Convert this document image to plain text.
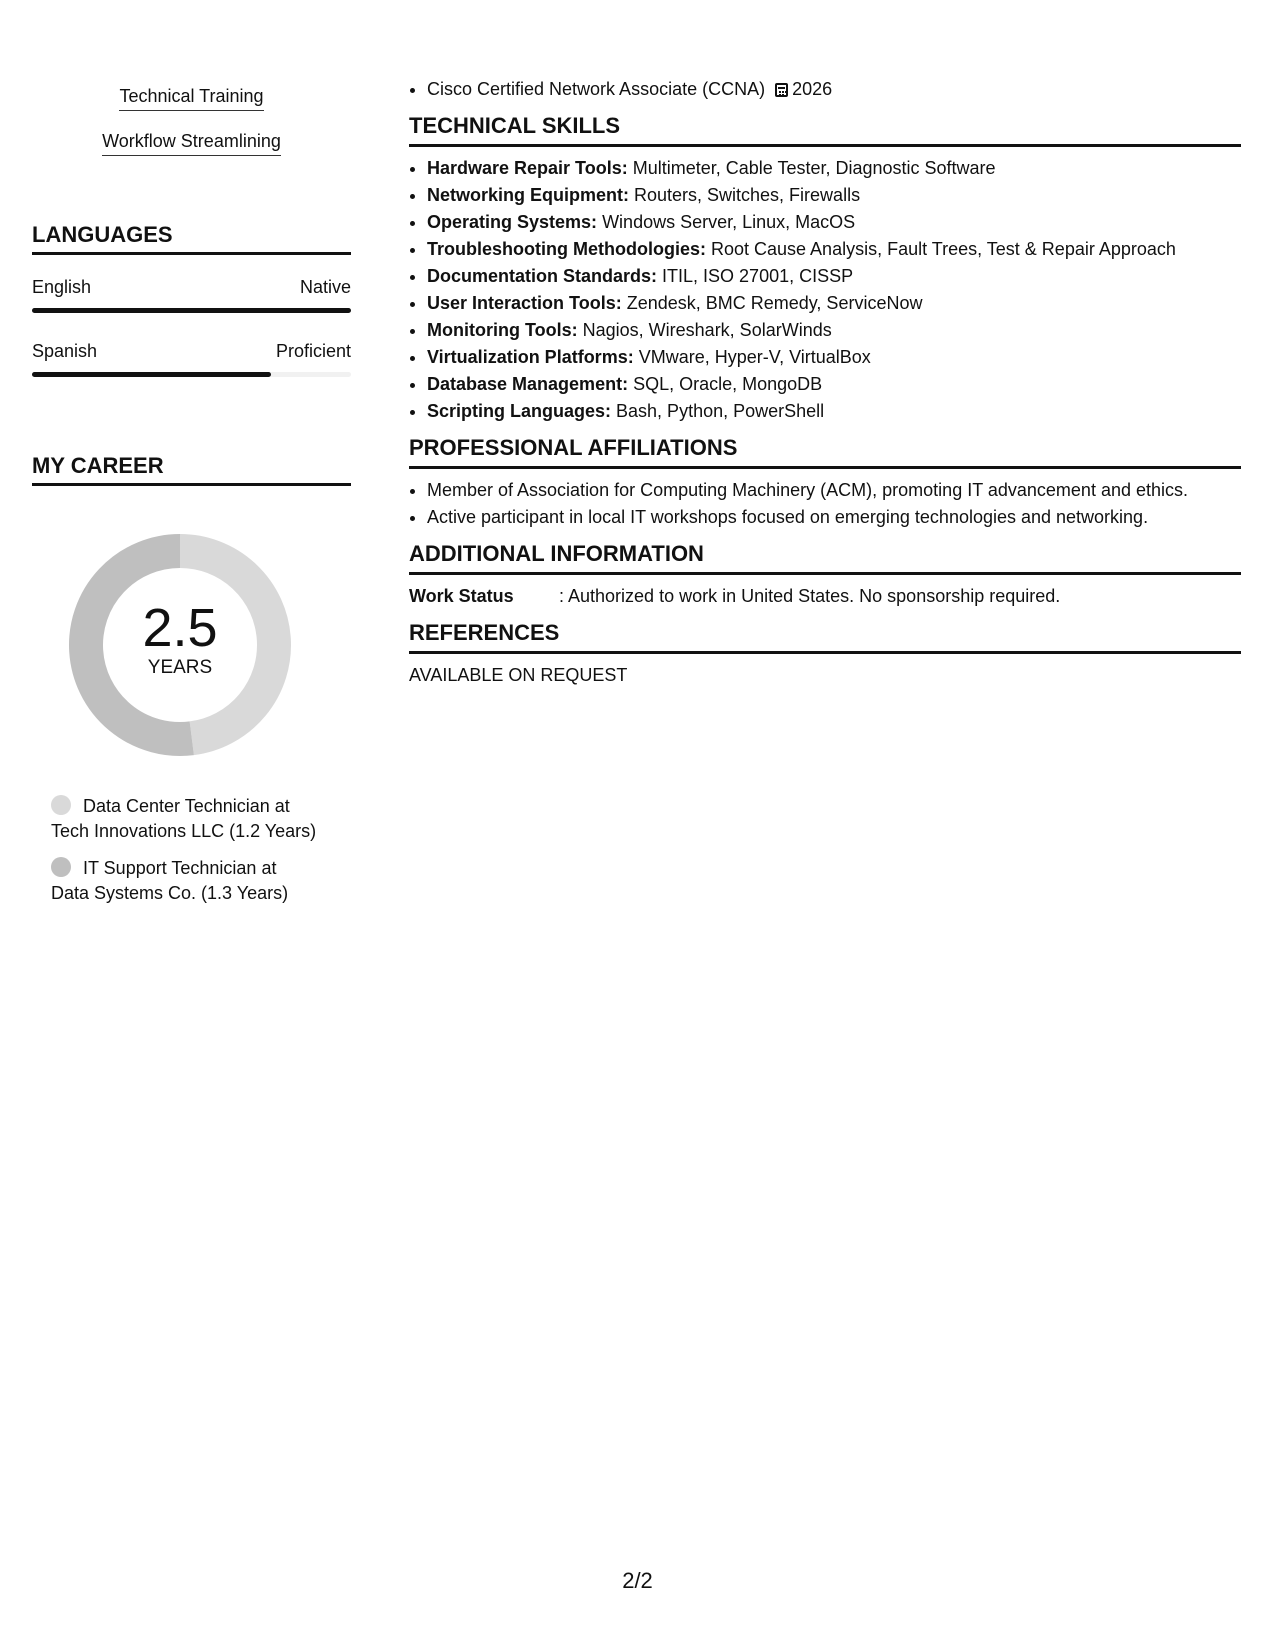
Technical Training
Workflow Streamlining
LANGUAGES
English	Native
Spanish	Proficient
MY CAREER
2.5
YEARS
Data Center Technician at
Tech Innovations LLC (1.2 Years)
IT Support Technician at
Data Systems Co. (1.3 Years)
• Cisco Certified Network Associate (CCNA) 2026
TECHNICAL SKILLS
• Hardware Repair Tools: Multimeter, Cable Tester, Diagnostic Software
• Networking Equipment: Routers, Switches, Firewalls
• Operating Systems: Windows Server, Linux, MacOS
• Troubleshooting Methodologies: Root Cause Analysis, Fault Trees, Test & Repair Approach
• Documentation Standards: ITIL, ISO 27001, CISSP
• User Interaction Tools: Zendesk, BMC Remedy, ServiceNow
• Monitoring Tools: Nagios, Wireshark, SolarWinds
• Virtualization Platforms: VMware, Hyper-V, VirtualBox
• Database Management: SQL, Oracle, MongoDB
• Scripting Languages: Bash, Python, PowerShell
PROFESSIONAL AFFILIATIONS
• Member of Association for Computing Machinery (ACM), promoting IT advancement and ethics.
• Active participant in local IT workshops focused on emerging technologies and networking.
ADDITIONAL INFORMATION
Work Status	: Authorized to work in United States. No sponsorship required.
REFERENCES
AVAILABLE ON REQUEST
2/2
